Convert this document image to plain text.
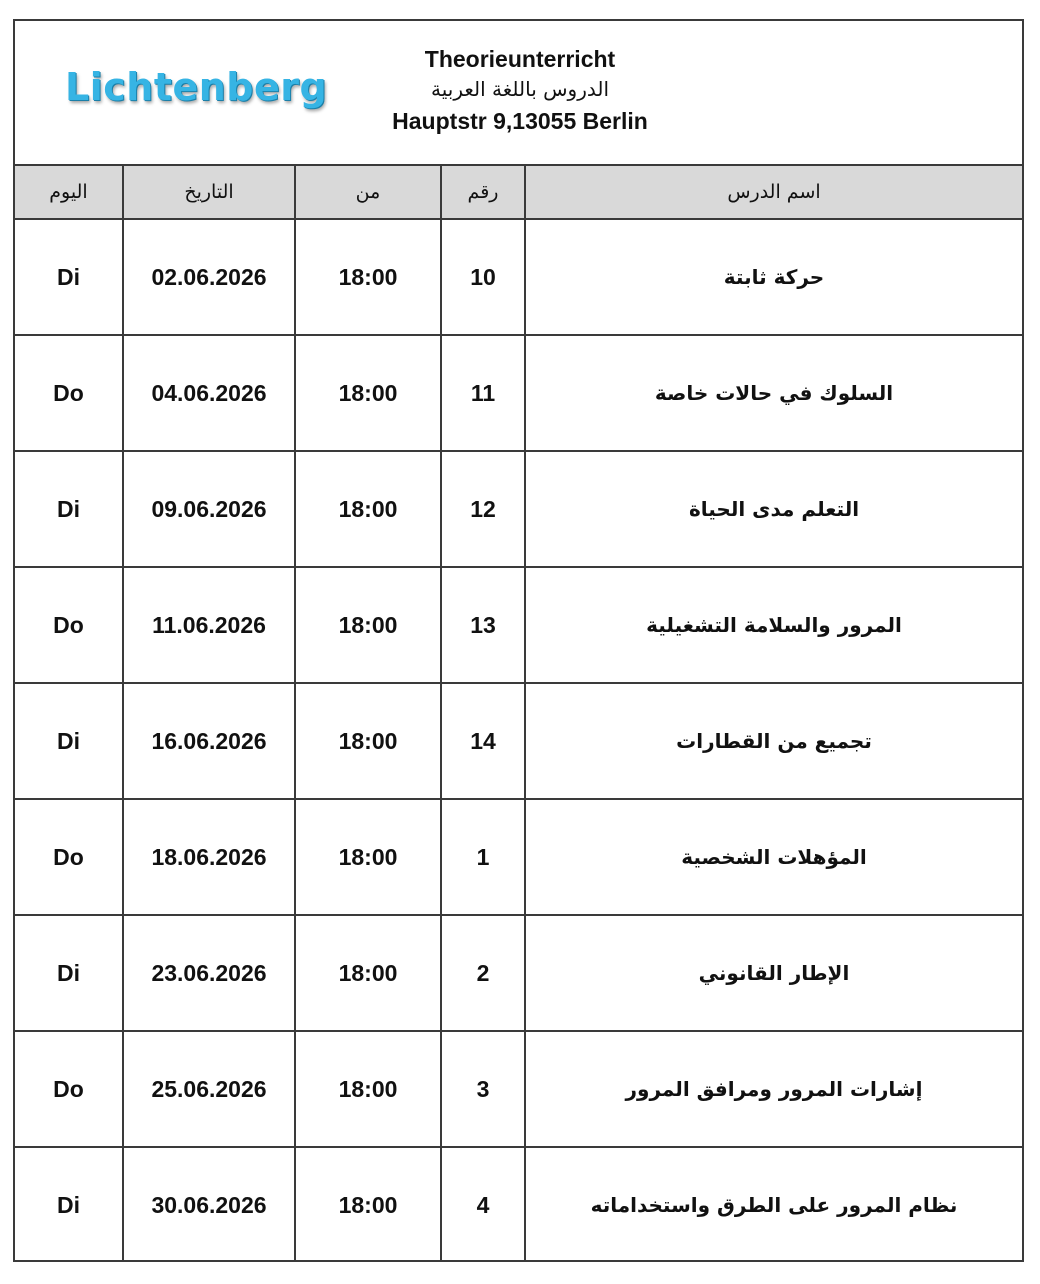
Lichtenberg
Theorieunterricht
الدروس باللغة العربية
Hauptstr 9,13055 Berlin
اليوم	التاريخ	من	رقم	اسم الدرس
Di	02.06.2026	18:00	10	حركة ثابتة
Do	04.06.2026	18:00	11	السلوك في حالات خاصة
Di	09.06.2026	18:00	12	التعلم مدى الحياة
Do	11.06.2026	18:00	13	المرور والسلامة التشغيلية
Di	16.06.2026	18:00	14	تجميع من القطارات
Do	18.06.2026	18:00	1	المؤهلات الشخصية
Di	23.06.2026	18:00	2	الإطار القانوني
Do	25.06.2026	18:00	3	إشارات المرور ومرافق المرور
Di	30.06.2026	18:00	4	نظام المرور على الطرق واستخداماته
